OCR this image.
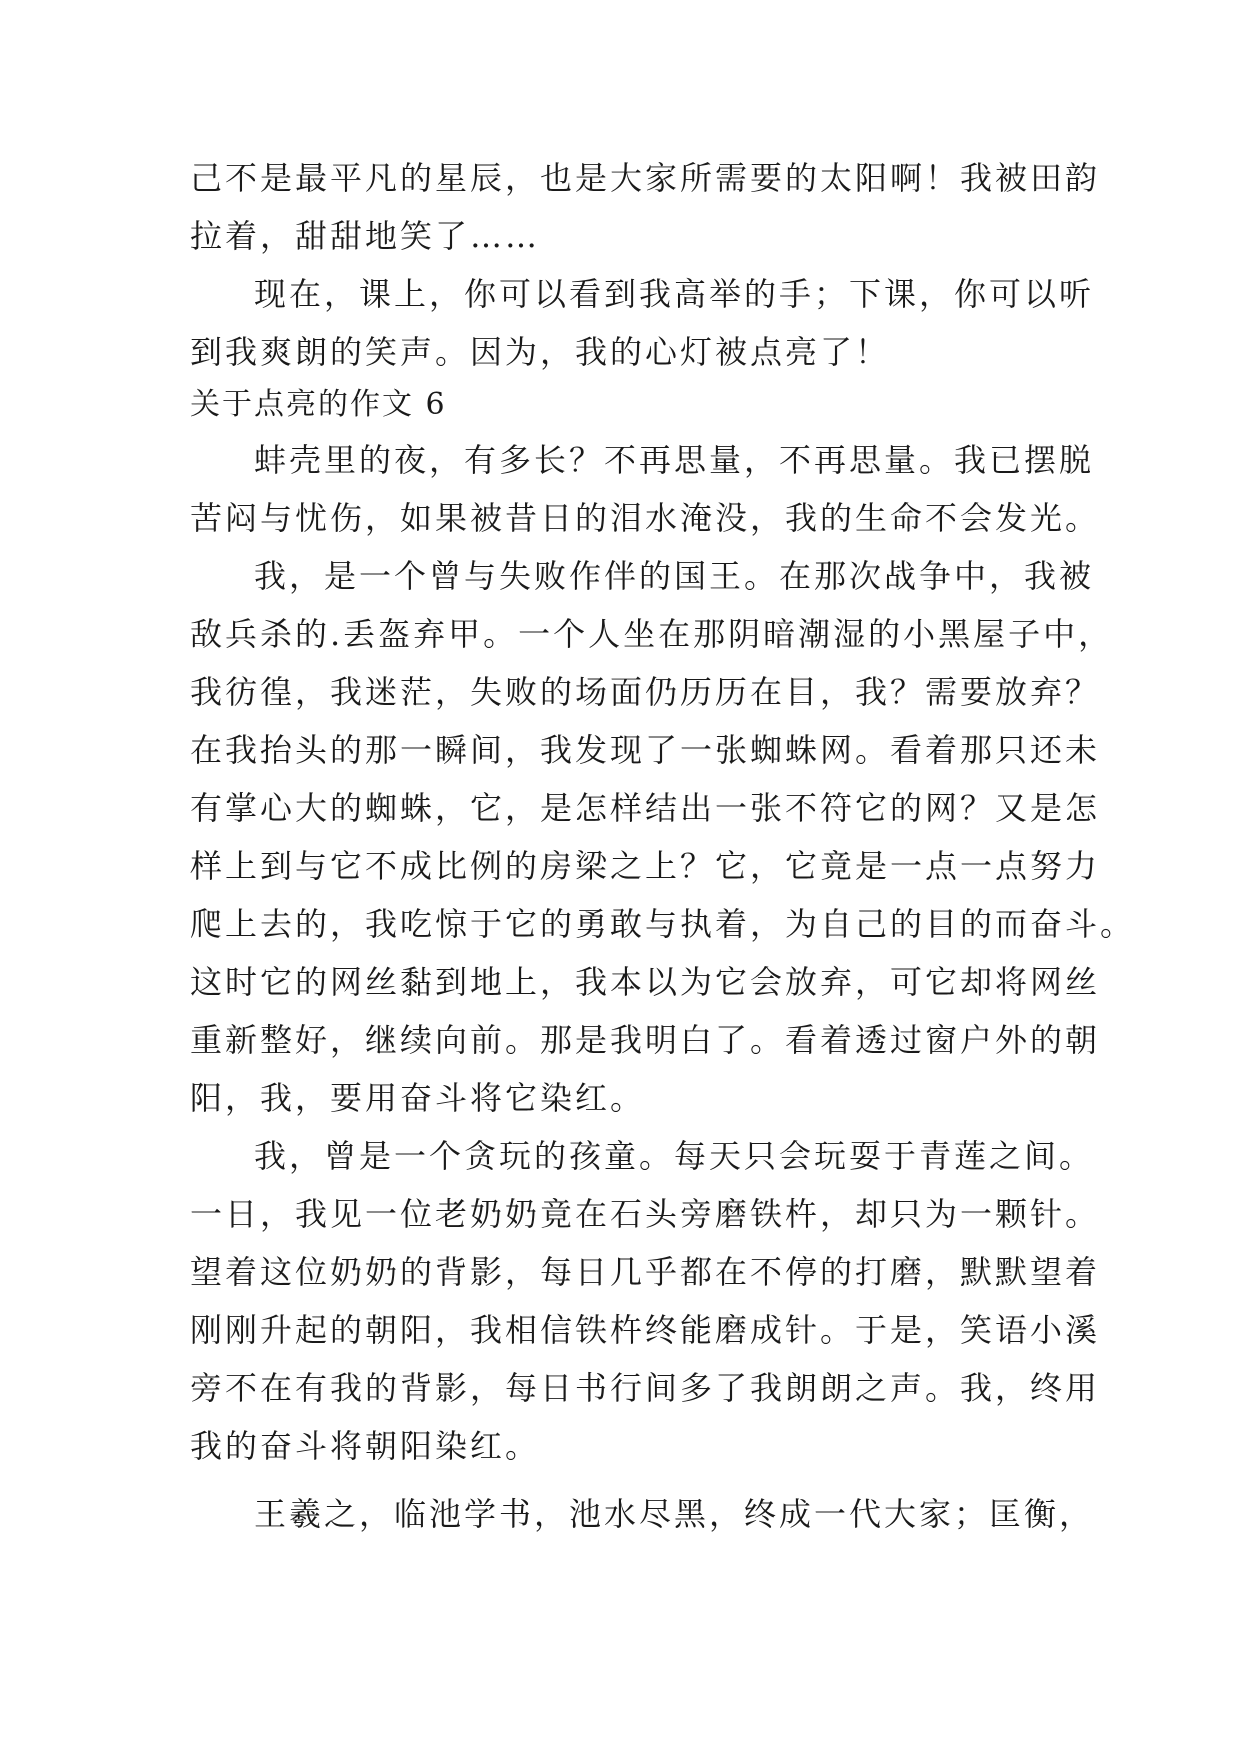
己不是最平凡的星辰，也是大家所需要的太阳啊！我被田韵
拉着，甜甜地笑了……
现在，课上，你可以看到我高举的手；下课，你可以听
到我爽朗的笑声。因为，我的心灯被点亮了！
关于点亮的作文 6
蚌壳里的夜，有多长？不再思量，不再思量。我已摆脱
苦闷与忧伤，如果被昔日的泪水淹没，我的生命不会发光。
我，是一个曾与失败作伴的国王。在那次战争中，我被
敌兵杀的.丢盔弃甲。一个人坐在那阴暗潮湿的小黑屋子中，
我彷徨，我迷茫，失败的场面仍历历在目，我？需要放弃？
在我抬头的那一瞬间，我发现了一张蜘蛛网。看着那只还未
有掌心大的蜘蛛，它，是怎样结出一张不符它的网？又是怎
样上到与它不成比例的房梁之上？它，它竟是一点一点努力
爬上去的，我吃惊于它的勇敢与执着，为自己的目的而奋斗。
这时它的网丝黏到地上，我本以为它会放弃，可它却将网丝
重新整好，继续向前。那是我明白了。看着透过窗户外的朝
阳，我，要用奋斗将它染红。
我，曾是一个贪玩的孩童。每天只会玩耍于青莲之间。
一日，我见一位老奶奶竟在石头旁磨铁杵，却只为一颗针。
望着这位奶奶的背影，每日几乎都在不停的打磨，默默望着
刚刚升起的朝阳，我相信铁杵终能磨成针。于是，笑语小溪
旁不在有我的背影，每日书行间多了我朗朗之声。我，终用
我的奋斗将朝阳染红。
王羲之，临池学书，池水尽黑，终成一代大家；匡衡，
